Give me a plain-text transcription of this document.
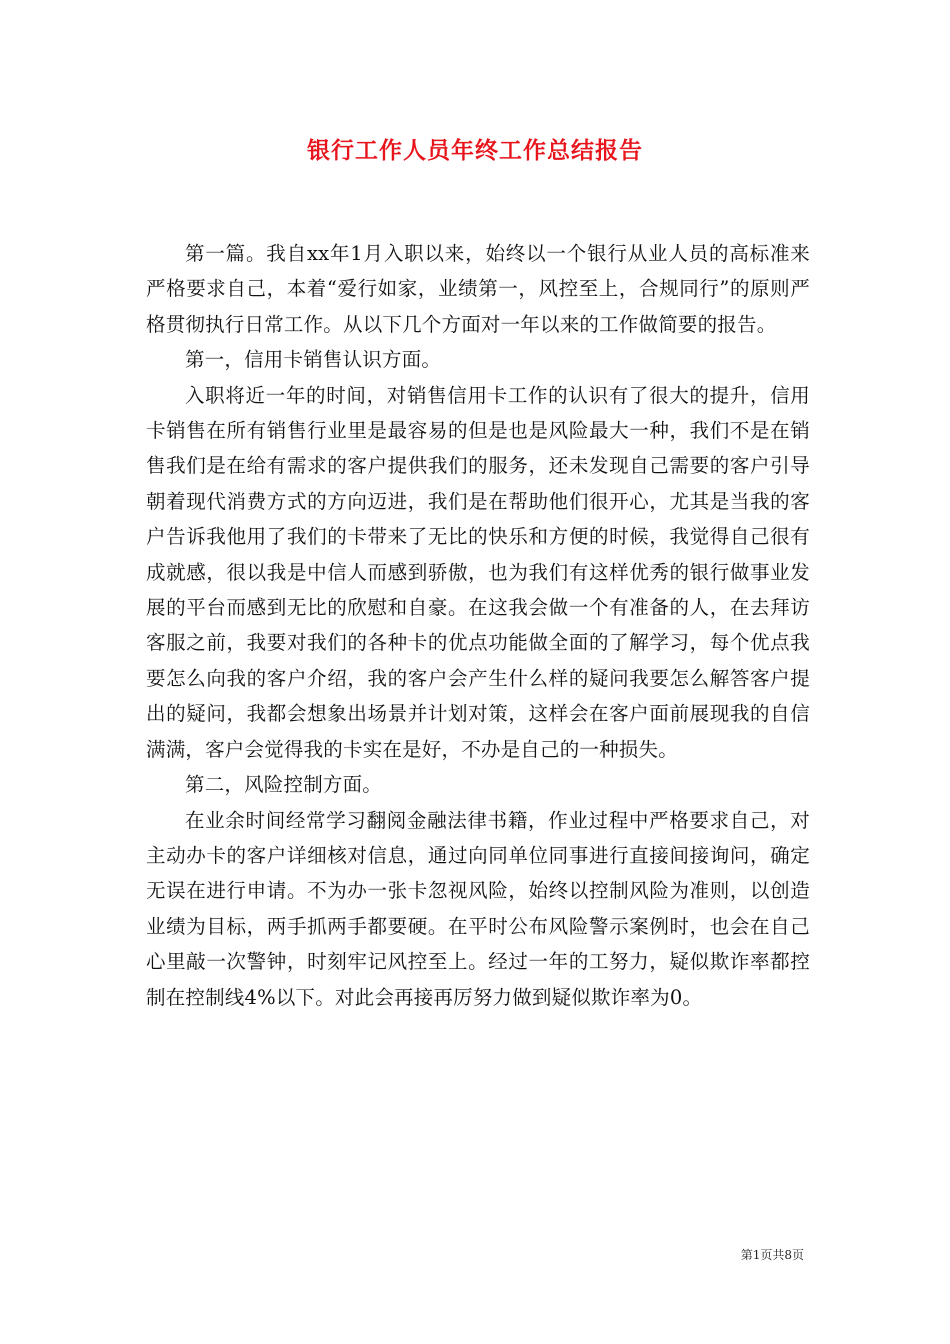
银行工作人员年终工作总结报告

第一篇。我自xx年1月入职以来，始终以一个银行从业人员的高标准来严格要求自己，本着“爱行如家，业绩第一，风控至上，合规同行”的原则严格贯彻执行日常工作。从以下几个方面对一年以来的工作做简要的报告。

第一，信用卡销售认识方面。

入职将近一年的时间，对销售信用卡工作的认识有了很大的提升，信用卡销售在所有销售行业里是最容易的但是也是风险最大一种，我们不是在销售我们是在给有需求的客户提供我们的服务，还未发现自己需要的客户引导朝着现代消费方式的方向迈进，我们是在帮助他们很开心，尤其是当我的客户告诉我他用了我们的卡带来了无比的快乐和方便的时候，我觉得自己很有成就感，很以我是中信人而感到骄傲，也为我们有这样优秀的银行做事业发展的平台而感到无比的欣慰和自豪。在这我会做一个有准备的人，在去拜访客服之前，我要对我们的各种卡的优点功能做全面的了解学习，每个优点我要怎么向我的客户介绍，我的客户会产生什么样的疑问我要怎么解答客户提出的疑问，我都会想象出场景并计划对策，这样会在客户面前展现我的自信满满，客户会觉得我的卡实在是好，不办是自己的一种损失。

第二，风险控制方面。

在业余时间经常学习翻阅金融法律书籍，作业过程中严格要求自己，对主动办卡的客户详细核对信息，通过向同单位同事进行直接间接询问，确定无误在进行申请。不为办一张卡忽视风险，始终以控制风险为准则，以创造业绩为目标，两手抓两手都要硬。在平时公布风险警示案例时，也会在自己心里敲一次警钟，时刻牢记风控至上。经过一年的工努力，疑似欺诈率都控制在控制线4%以下。对此会再接再厉努力做到疑似欺诈率为0。

第1页共8页
